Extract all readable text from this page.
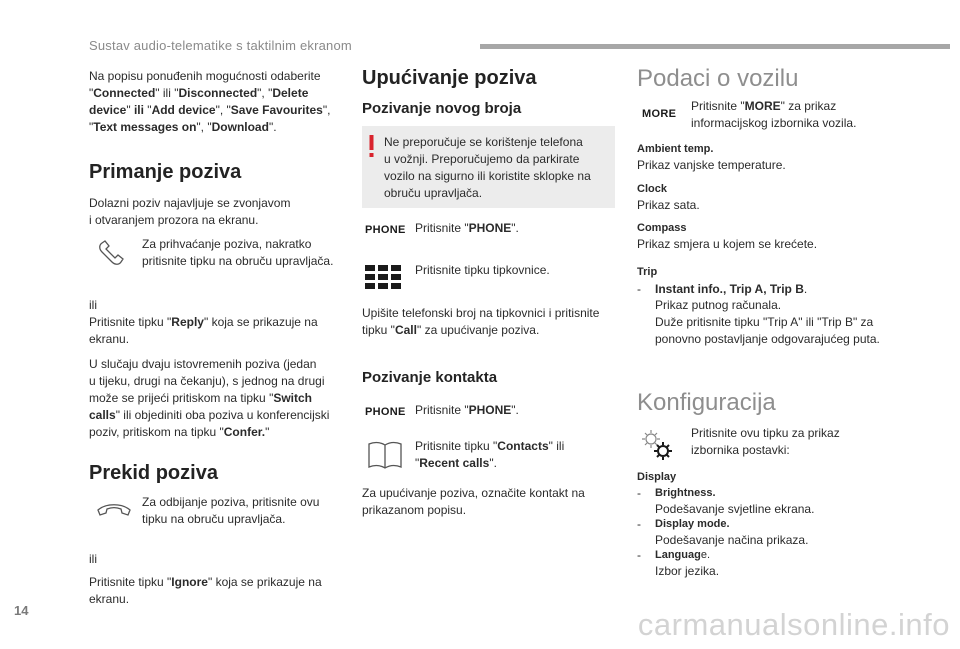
Sustav audio-telematike s taktilnim ekranom
14	carmanualsonline.info
Na popisu ponuđenih mogućnosti odaberite
"Connected" ili "Disconnected", "Delete
device" ili "Add device", "Save Favourites",
"Text messages on", "Download".
Primanje poziva
Dolazni poziv najavljuje se zvonjavom
i otvaranjem prozora na ekranu.
Za prihvaćanje poziva, nakratko
pritisnite tipku na obruču upravljača.
ili
Pritisnite tipku "Reply" koja se prikazuje na
ekranu.
U slučaju dvaju istovremenih poziva (jedan
u tijeku, drugi na čekanju), s jednog na drugi
može se prijeći pritiskom na tipku "Switch
calls" ili objediniti oba poziva u konferencijski
poziv, pritiskom na tipku "Confer."
Prekid poziva
Za odbijanje poziva, pritisnite ovu
tipku na obruču upravljača.
ili
Pritisnite tipku "Ignore" koja se prikazuje na
ekranu.
Upućivanje poziva
Pozivanje novog broja
Ne preporučuje se korištenje telefona
u vožnji. Preporučujemo da parkirate
vozilo na sigurno ili koristite sklopke na
obruču upravljača.
PHONE Pritisnite "PHONE".
Pritisnite tipku tipkovnice.
Upišite telefonski broj na tipkovnici i pritisnite
tipku "Call" za upućivanje poziva.
Pozivanje kontakta
PHONE Pritisnite "PHONE".
Pritisnite tipku "Contacts" ili
"Recent calls".
Za upućivanje poziva, označite kontakt na
prikazanom popisu.
Podaci o vozilu
MORE
Pritisnite "MORE" za prikaz
informacijskog izbornika vozila.
Ambient temp.
Prikaz vanjske temperature.
Clock
Prikaz sata.
Compass
Prikaz smjera u kojem se krećete.
Trip
- Instant info., Trip A, Trip B.
Prikaz putnog računala.
Duže pritisnite tipku "Trip A" ili "Trip B" za
ponovno postavljanje odgovarajućeg puta.
Konfiguracija
Pritisnite ovu tipku za prikaz
izbornika postavki:
Display
- Brightness.
Podešavanje svjetline ekrana.
- Display mode.
Podešavanje načina prikaza.
- Language.
Izbor jezika.
